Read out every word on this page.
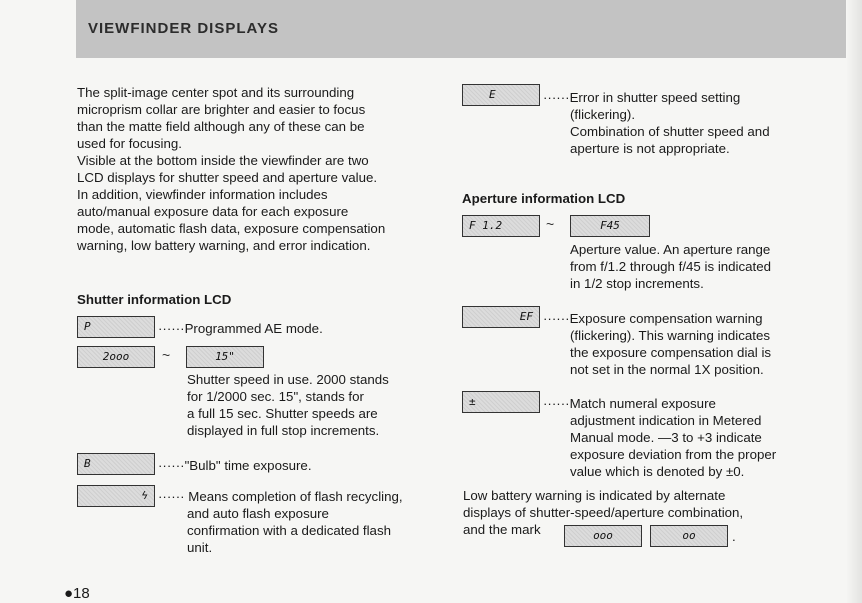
VIEWFINDER DISPLAYS

The split-image center spot and its surrounding

microprism collar are brighter and easier to focus

than the matte field although any of these can be

used for focusing.

Visible at the bottom inside the viewfinder are two

LCD displays for shutter speed and aperture value.

In addition, viewfinder information includes

auto/manual exposure data for each exposure

mode, automatic flash data, exposure compensation

warning, low battery warning, and error indication.

Shutter information LCD

P	······Programmed AE mode.

2ooo	~	15"

Shutter speed in use. 2000 stands

for 1/2000 sec. 15", stands for

a full 15 sec. Shutter speeds are

displayed in full stop increments.

B	······"Bulb" time exposure.

ϟ ······ Means completion of flash recycling,

and auto flash exposure

confirmation with a dedicated flash

unit.

●18

E	······Error in shutter speed setting

(flickering).

Combination of shutter speed and

aperture is not appropriate.

Aperture information LCD

F 1.2	~	F45

Aperture value. An aperture range

from f/1.2 through f/45 is indicated

in 1/2 stop increments.

EF ······Exposure compensation warning

(flickering). This warning indicates

the exposure compensation dial is

not set in the normal 1X position.

±	······Match numeral exposure

adjustment indication in Metered

Manual mode. —3 to +3 indicate

exposure deviation from the proper

value which is denoted by ±0.

Low battery warning is indicated by alternate

displays of shutter-speed/aperture combination,

and the mark	ooo	oo	.
